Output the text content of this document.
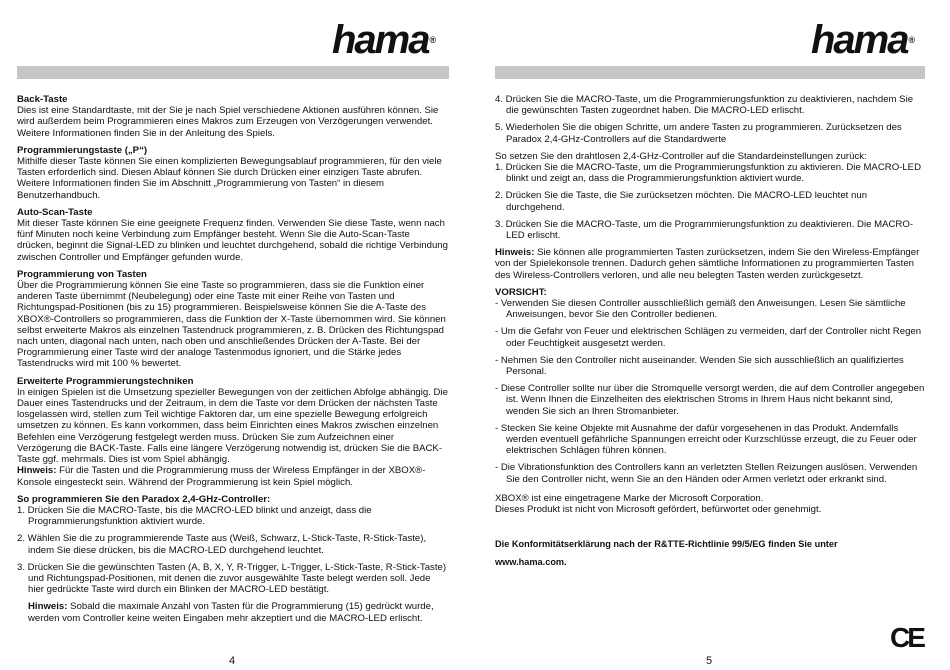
hama®

Back-Taste
Dies ist eine Standardtaste, mit der Sie je nach Spiel verschiedene Aktionen ausführen können. Sie wird außerdem beim Programmieren eines Makros zum Erzeugen von Verzögerungen verwendet. Weitere Informationen finden Sie in der Anleitung des Spiels.

Programmierungstaste („P“)
Mithilfe dieser Taste können Sie einen komplizierten Bewegungsablauf programmieren, für den viele Tasten erforderlich sind. Diesen Ablauf können Sie durch Drücken einer einzigen Taste abrufen. Weitere Informationen finden Sie im Abschnitt „Programmierung von Tasten“ in diesem Benutzerhandbuch.

Auto-Scan-Taste
Mit dieser Taste können Sie eine geeignete Frequenz finden. Verwenden Sie diese Taste, wenn nach fünf Minuten noch keine Verbindung zum Empfänger besteht. Wenn Sie die Auto-Scan-Taste drücken, beginnt die Signal-LED zu blinken und leuchtet durchgehend, sobald die richtige Verbindung zwischen Controller und Empfänger gefunden wurde.

Programmierung von Tasten
Über die Programmierung können Sie eine Taste so programmieren, dass sie die Funktion einer anderen Taste übernimmt (Neubelegung) oder eine Taste mit einer Reihe von Tasten und Richtungspad-Positionen (bis zu 15) programmieren. Beispielsweise können Sie die A-Taste des XBOX®-Controllers so programmieren, dass die Funktion der X-Taste übernommen wird. Sie können selbst erweiterte Makros als einzelnen Tastendruck programmieren, z. B. Drücken des Richtungspad nach unten, diagonal nach unten, nach oben und anschließendes Drücken der A-Taste. Bei der Programmierung einer Taste wird der analoge Tastenmodus ignoriert, und die Stärke jedes Tastendrucks wird mit 100 % bewertet.

Erweiterte Programmierungstechniken
In einigen Spielen ist die Umsetzung spezieller Bewegungen von der zeitlichen Abfolge abhängig. Die Dauer eines Tastendrucks und der Zeitraum, in dem die Taste vor dem Drücken der nächsten Taste losgelassen wird, stellen zum Teil wichtige Faktoren dar, um eine spezielle Bewegung erfolgreich umsetzen zu können. Es kann vorkommen, dass beim Einrichten eines Makros zwischen einzelnen Befehlen eine Verzögerung festgelegt werden muss. Drücken Sie zum Aufzeichnen einer Verzögerung die BACK-Taste. Falls eine längere Verzögerung notwendig ist, drücken Sie die BACK-Taste ggf. mehrmals. Dies ist vom Spiel abhängig.

Hinweis: Für die Tasten und die Programmierung muss der Wireless Empfänger in der XBOX®-Konsole eingesteckt sein. Während der Programmierung ist kein Spiel möglich.

So programmieren Sie den Paradox 2,4-GHz-Controller:

1. Drücken Sie die MACRO-Taste, bis die MACRO-LED blinkt und anzeigt, dass die Programmierungsfunktion aktiviert wurde.

2. Wählen Sie die zu programmierende Taste aus (Weiß, Schwarz, L-Stick-Taste, R-Stick-Taste), indem Sie diese drücken, bis die MACRO-LED durchgehend leuchtet.

3. Drücken Sie die gewünschten Tasten (A, B, X, Y, R-Trigger, L-Trigger, L-Stick-Taste, R-Stick-Taste) und Richtungspad-Positionen, mit denen die zuvor ausgewählte Taste belegt werden soll. Jede hier gedrückte Taste wird durch ein Blinken der MACRO-LED bestätigt.

Hinweis: Sobald die maximale Anzahl von Tasten für die Programmierung (15) gedrückt wurde, werden vom Controller keine weiten Eingaben mehr akzeptiert und die MACRO-LED erlischt.

4
hama®

4. Drücken Sie die MACRO-Taste, um die Programmierungsfunktion zu deaktivieren, nachdem Sie die gewünschten Tasten zugeordnet haben. Die MACRO-LED erlischt.

5. Wiederholen Sie die obigen Schritte, um andere Tasten zu programmieren. Zurücksetzen des Paradox 2,4-GHz-Controllers auf die Standardwerte

So setzen Sie den drahtlosen 2,4-GHz-Controller auf die Standardeinstellungen zurück:

1. Drücken Sie die MACRO-Taste, um die Programmierungsfunktion zu aktivieren. Die MACRO-LED blinkt und zeigt an, dass die Programmierungsfunktion aktiviert wurde.

2. Drücken Sie die Taste, die Sie zurücksetzen möchten. Die MACRO-LED leuchtet nun durchgehend.

3. Drücken Sie die MACRO-Taste, um die Programmierungsfunktion zu deaktivieren. Die MACRO-LED erlischt.

Hinweis: Sie können alle programmierten Tasten zurücksetzen, indem Sie den Wireless-Empfänger von der Spielekonsole trennen. Dadurch gehen sämtliche Informationen zu programmierten Tasten des Wireless-Controllers verloren, und alle neu belegten Tasten werden zurückgesetzt.

VORSICHT:

- Verwenden Sie diesen Controller ausschließlich gemäß den Anweisungen. Lesen Sie sämtliche Anweisungen, bevor Sie den Controller bedienen.

- Um die Gefahr von Feuer und elektrischen Schlägen zu vermeiden, darf der Controller nicht Regen oder Feuchtigkeit ausgesetzt werden.

- Nehmen Sie den Controller nicht auseinander. Wenden Sie sich ausschließlich an qualifiziertes Personal.

- Diese Controller sollte nur über die Stromquelle versorgt werden, die auf dem Controller angegeben ist. Wenn Ihnen die Einzelheiten des elektrischen Stroms in Ihrem Haus nicht bekannt sind, wenden Sie sich an Ihren Stromanbieter.

- Stecken Sie keine Objekte mit Ausnahme der dafür vorgesehenen in das Produkt. Andernfalls werden eventuell gefährliche Spannungen erreicht oder Kurzschlüsse erzeugt, die zu Feuer oder elektrischen Schlägen führen können.

- Die Vibrationsfunktion des Controllers kann an verletzten Stellen Reizungen auslösen. Verwenden Sie den Controller nicht, wenn Sie an den Händen oder Armen verletzt oder erkrankt sind.

XBOX® ist eine eingetragene Marke der Microsoft Corporation.

Dieses Produkt ist nicht von Microsoft gefördert, befürwortet oder genehmigt.

Die Konformitätserklärung nach der R&TTE-Richtlinie 99/5/EG finden Sie unter

www.hama.com.

CE
5
